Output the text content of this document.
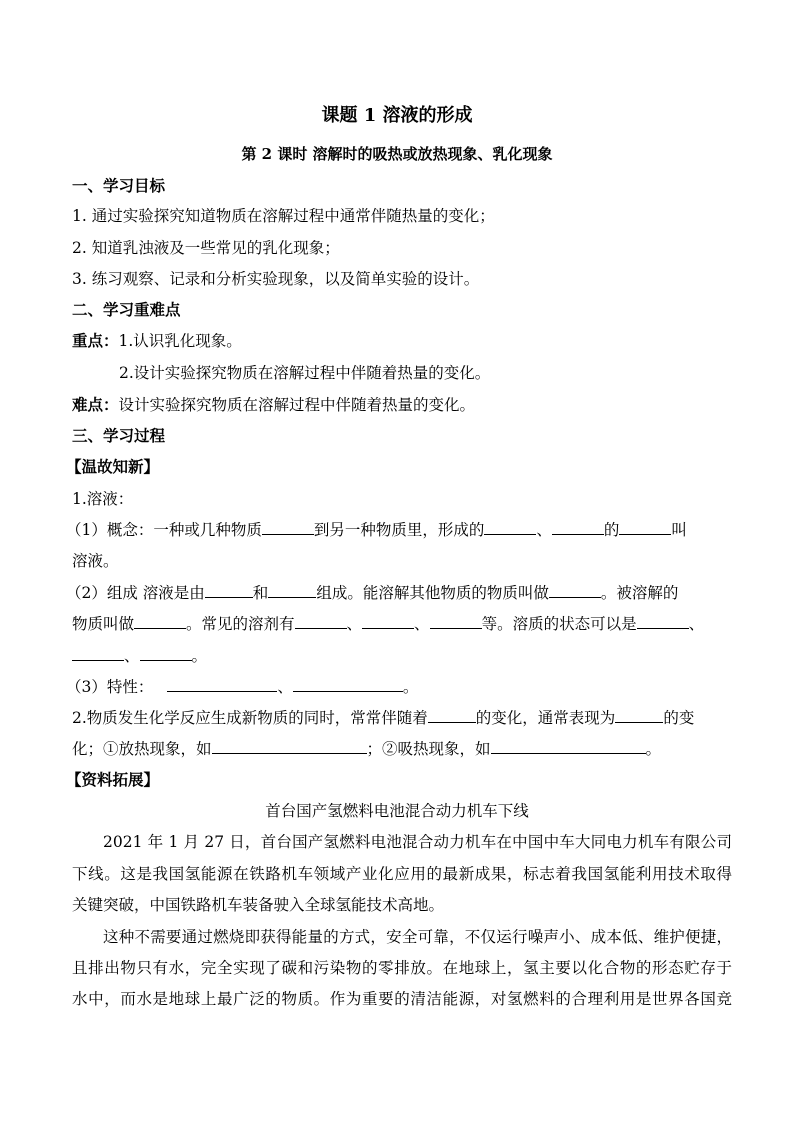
课题 1 溶液的形成
第 2 课时 溶解时的吸热或放热现象、乳化现象
一、学习目标
1. 通过实验探究知道物质在溶解过程中通常伴随热量的变化；
2. 知道乳浊液及一些常见的乳化现象；
3. 练习观察、记录和分析实验现象，以及简单实验的设计。
二、学习重难点
重点：1.认识乳化现象。
2.设计实验探究物质在溶解过程中伴随着热量的变化。
难点：设计实验探究物质在溶解过程中伴随着热量的变化。
三、学习过程
【温故知新】
1.溶液：
（1）概念：一种或几种物质	到另一种物质里，形成的	、	的	叫
溶液。
（2）组成 溶液是由	和	组成。能溶解其他物质的物质叫做	。被溶解的
物质叫做	。常见的溶剂有	、	、	等。溶质的状态可以是	、
、	。
（3）特性：	、	。
2.物质发生化学反应生成新物质的同时，常常伴随着	的变化，通常表现为	的变
化；①放热现象，如	；②吸热现象，如	。
【资料拓展】
首台国产氢燃料电池混合动力机车下线
2021 年 1 月 27 日，首台国产氢燃料电池混合动力机车在中国中车大同电力机车有限公司
下线。这是我国氢能源在铁路机车领域产业化应用的最新成果，标志着我国氢能利用技术取得
关键突破，中国铁路机车装备驶入全球氢能技术高地。
这种不需要通过燃烧即获得能量的方式，安全可靠，不仅运行噪声小、成本低、维护便捷，
且排出物只有水，完全实现了碳和污染物的零排放。在地球上，氢主要以化合物的形态贮存于
水中，而水是地球上最广泛的物质。作为重要的清洁能源，对氢燃料的合理利用是世界各国竞
